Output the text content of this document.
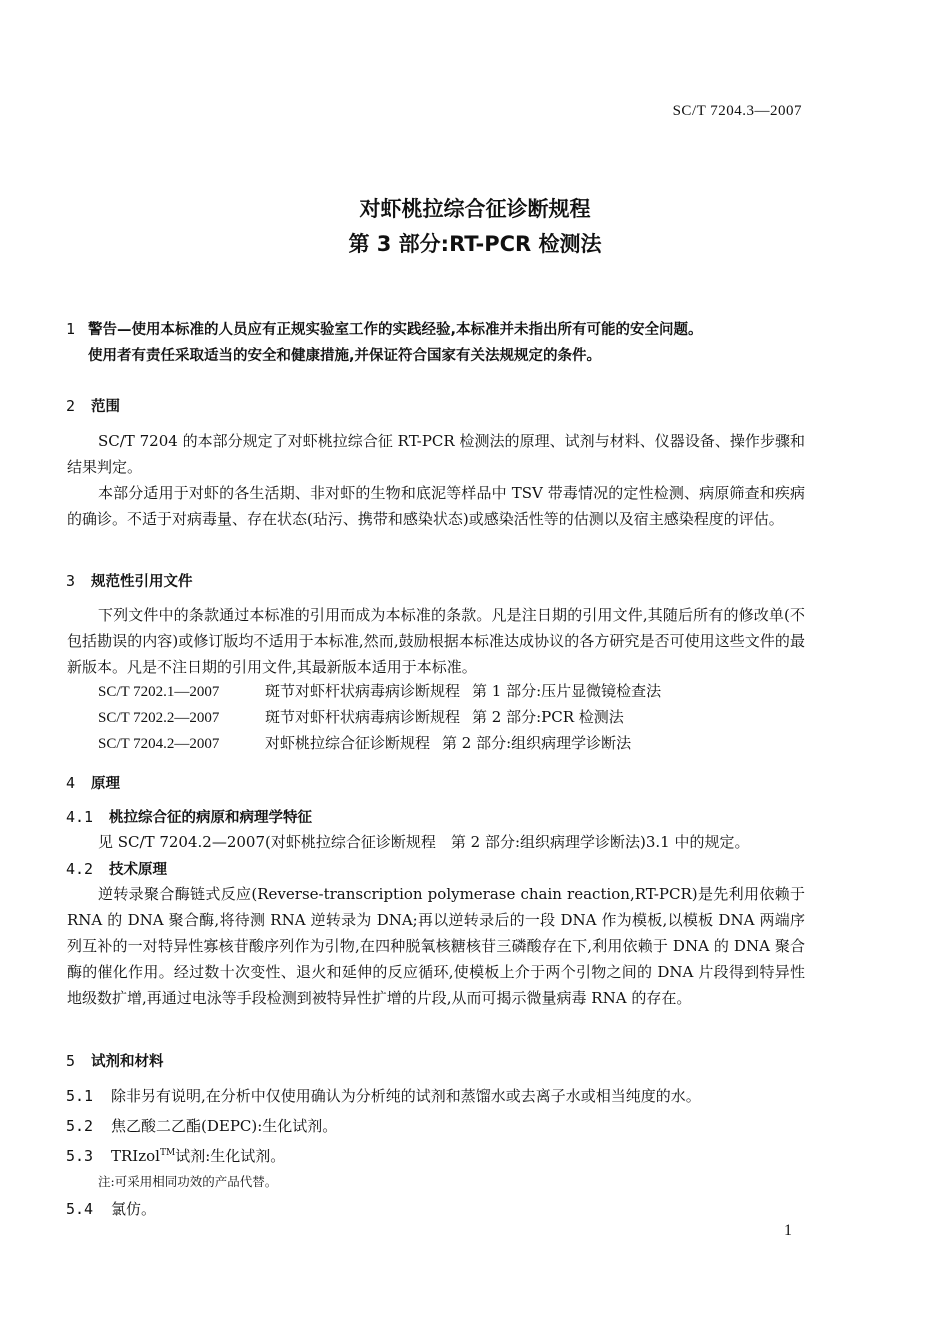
SC/T 7204.3—2007
对虾桃拉综合征诊断规程
第 3 部分:RT-PCR 检测法
1 警告—使用本标准的人员应有正规实验室工作的实践经验,本标准并未指出所有可能的安全问题。
使用者有责任采取适当的安全和健康措施,并保证符合国家有关法规规定的条件。
2 范围
SC/T 7204 的本部分规定了对虾桃拉综合征 RT-PCR 检测法的原理、试剂与材料、仪器设备、操作步骤和结果判定。
本部分适用于对虾的各生活期、非对虾的生物和底泥等样品中 TSV 带毒情况的定性检测、病原筛查和疾病的确诊。不适于对病毒量、存在状态(玷污、携带和感染状态)或感染活性等的估测以及宿主感染程度的评估。
3 规范性引用文件
下列文件中的条款通过本标准的引用而成为本标准的条款。凡是注日期的引用文件,其随后所有的修改单(不包括勘误的内容)或修订版均不适用于本标准,然而,鼓励根据本标准达成协议的各方研究是否可使用这些文件的最新版本。凡是不注日期的引用文件,其最新版本适用于本标准。
SC/T 7202.1—2007	斑节对虾杆状病毒病诊断规程 第 1 部分:压片显微镜检查法
SC/T 7202.2—2007	斑节对虾杆状病毒病诊断规程 第 2 部分:PCR 检测法
SC/T 7204.2—2007	对虾桃拉综合征诊断规程 第 2 部分:组织病理学诊断法
4 原理
4.1 桃拉综合征的病原和病理学特征
见 SC/T 7204.2—2007(对虾桃拉综合征诊断规程　第 2 部分:组织病理学诊断法)3.1 中的规定。
4.2 技术原理
逆转录聚合酶链式反应(Reverse-transcription polymerase chain reaction,RT-PCR)是先利用依赖于 RNA 的 DNA 聚合酶,将待测 RNA 逆转录为 DNA;再以逆转录后的一段 DNA 作为模板,以模板 DNA 两端序列互补的一对特异性寡核苷酸序列作为引物,在四种脱氧核糖核苷三磷酸存在下,利用依赖于 DNA 的 DNA 聚合酶的催化作用。经过数十次变性、退火和延伸的反应循环,使模板上介于两个引物之间的 DNA 片段得到特异性地级数扩增,再通过电泳等手段检测到被特异性扩增的片段,从而可揭示微量病毒 RNA 的存在。
5 试剂和材料
5.1 除非另有说明,在分析中仅使用确认为分析纯的试剂和蒸馏水或去离子水或相当纯度的水。
5.2 焦乙酸二乙酯(DEPC):生化试剂。
5.3 TRIzol™试剂:生化试剂。
注:可采用相同功效的产品代替。
5.4 氯仿。
1
